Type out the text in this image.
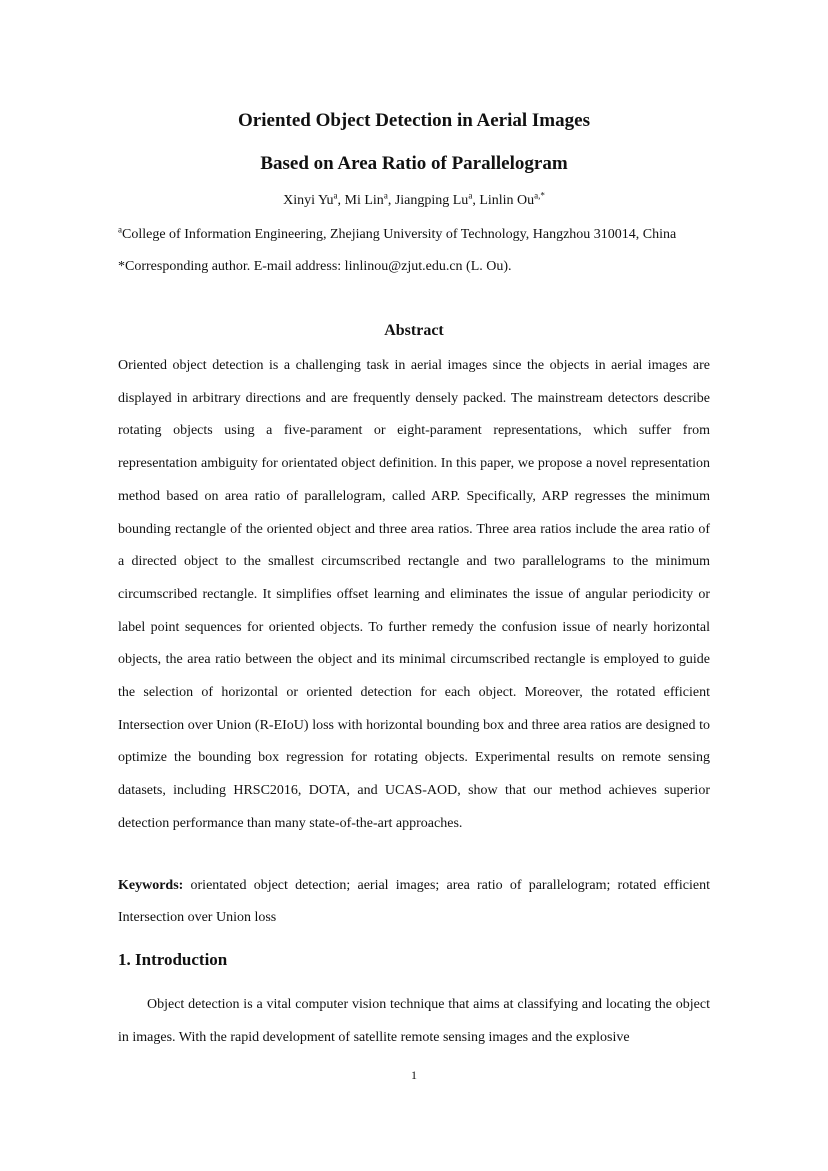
Oriented Object Detection in Aerial Images
Based on Area Ratio of Parallelogram
Xinyi Yu$^a$, Mi Lin$^a$, Jiangping Lu$^a$, Linlin $Ou^{a,*}$
$^a$College of Information Engineering, Zhejiang University of Technology, Hangzhou 310014, China
*Corresponding author. E-mail address: linlinou@zjut.edu.cn (L. Ou).
Abstract

Oriented object detection is a challenging task in aerial images since the objects in aerial images are displayed in arbitrary directions and are frequently densely packed. The mainstream detectors describe rotating objects using a five-parament or eight-parament representations, which suffer from representation ambiguity for orientated object definition. In this paper, we propose a novel representation method based on area ratio of parallelogram, called ARP. Specifically, ARP regresses the minimum bounding rectangle of the oriented object and three area ratios. Three area ratios include the area ratio of a directed object to the smallest circumscribed rectangle and two parallelograms to the minimum circumscribed rectangle. It simplifies offset learning and eliminates the issue of angular periodicity or label point sequences for oriented objects. To further remedy the confusion issue of nearly horizontal objects, the area ratio between the object and its minimal circumscribed rectangle is employed to guide the selection of horizontal or oriented detection for each object. Moreover, the rotated efficient Intersection over Union (R-EIoU) loss with horizontal bounding box and three area ratios are designed to optimize the bounding box regression for rotating objects. Experimental results on remote sensing datasets, including HRSC2016, DOTA, and UCAS-AOD, show that our method achieves superior detection performance than many state-of-the-art approaches.

Keywords: orientated object detection; aerial images; area ratio of parallelogram; rotated efficient Intersection over Union loss

1. Introduction

Object detection is a vital computer vision technique that aims at classifying and locating the object in images. With the rapid development of satellite remote sensing images and the explosive

1
